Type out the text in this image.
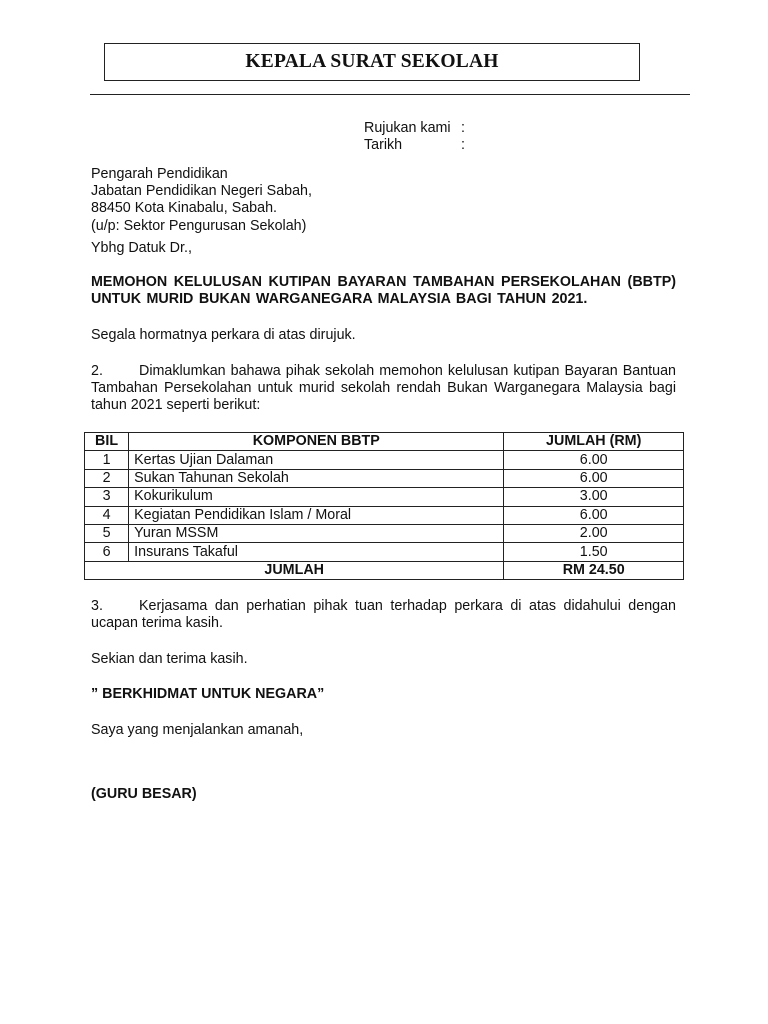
KEPALA SURAT SEKOLAH
Rujukan kami :
Tarikh	:
Pengarah Pendidikan
Jabatan Pendidikan Negeri Sabah,
88450 Kota Kinabalu, Sabah.
(u/p: Sektor Pengurusan Sekolah)
Ybhg Datuk Dr.,
MEMOHON KELULUSAN KUTIPAN BAYARAN TAMBAHAN PERSEKOLAHAN (BBTP) UNTUK MURID BUKAN WARGANEGARA MALAYSIA BAGI TAHUN 2021.
Segala hormatnya perkara di atas dirujuk.
2.	Dimaklumkan bahawa pihak sekolah memohon kelulusan kutipan Bayaran Bantuan Tambahan Persekolahan untuk murid sekolah rendah Bukan Warganegara Malaysia bagi tahun 2021 seperti berikut:
BIL	KOMPONEN BBTP	JUMLAH (RM)
1	Kertas Ujian Dalaman	6.00
2	Sukan Tahunan Sekolah	6.00
3	Kokurikulum	3.00
4	Kegiatan Pendidikan Islam / Moral	6.00
5	Yuran MSSM	2.00
6	Insurans Takaful	1.50
JUMLAH		RM 24.50
3.	Kerjasama dan perhatian pihak tuan terhadap perkara di atas didahului dengan ucapan terima kasih.
Sekian dan terima kasih.
” BERKHIDMAT UNTUK NEGARA”
Saya yang menjalankan amanah,
(GURU BESAR)
